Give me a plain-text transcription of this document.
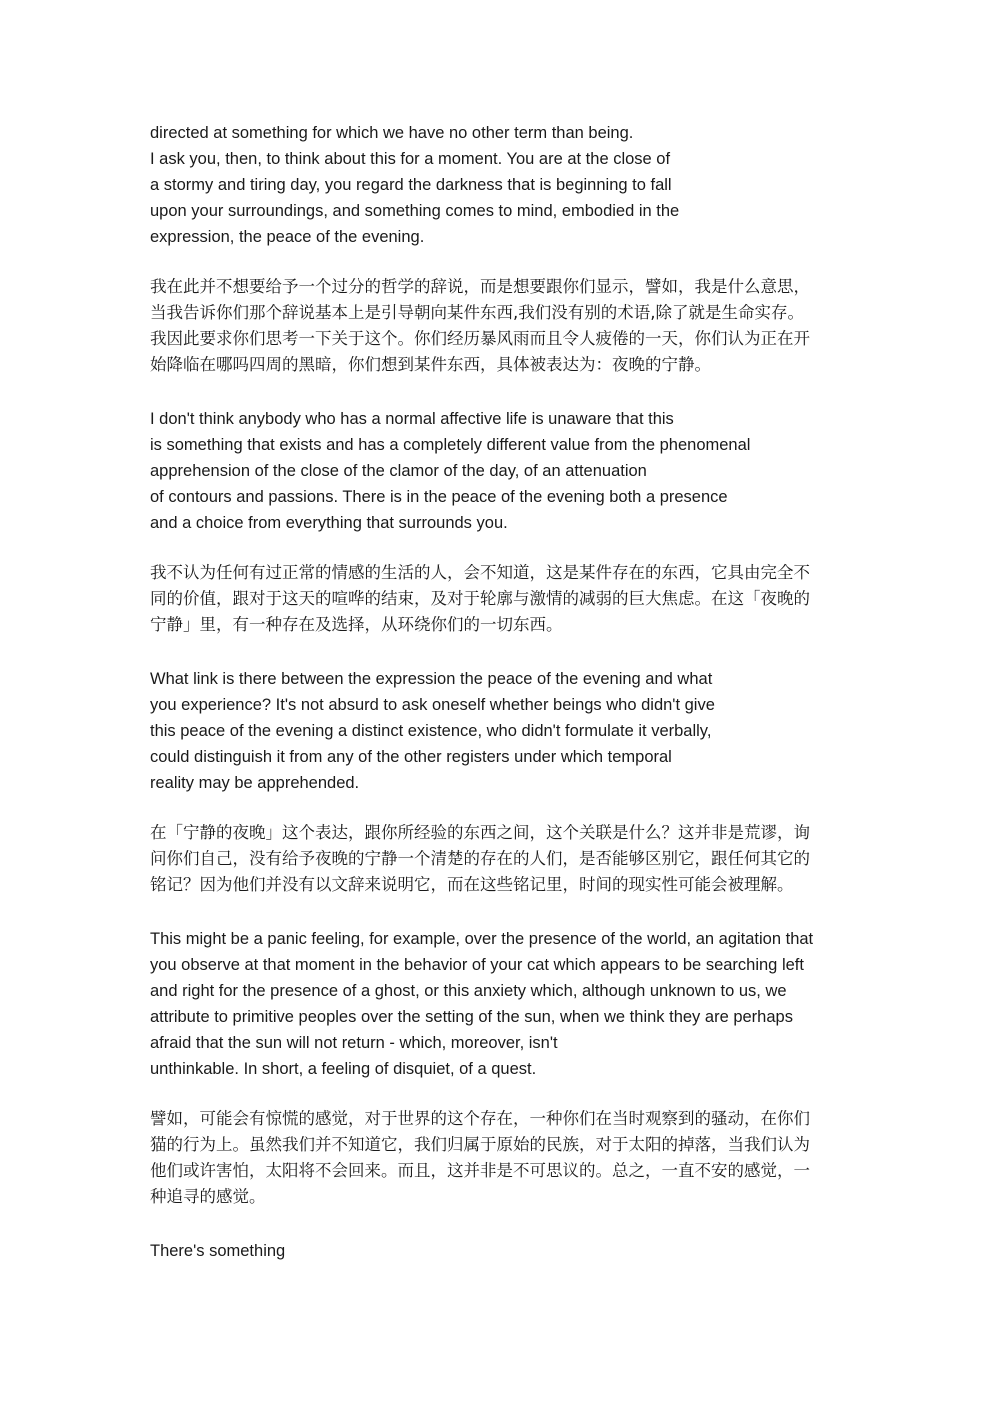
directed at something for which we have no other term than being.
I ask you, then, to think about this for a moment. You are at the close of
a stormy and tiring day, you regard the darkness that is beginning to fall
upon your surroundings, and something comes to mind, embodied in the
expression, the peace of the evening.
我在此并不想要给予一个过分的哲学的辞说，而是想要跟你们显示，譬如，我是什么意思，
当我告诉你们那个辞说基本上是引导朝向某件东西,我们没有别的术语,除了就是生命实存。
我因此要求你们思考一下关于这个。你们经历暴风雨而且令人疲倦的一天，你们认为正在开
始降临在哪吗四周的黑暗，你们想到某件东西，具体被表达为：夜晚的宁静。
I don't think anybody who has a normal affective life is unaware that this
is something that exists and has a completely different value from the phenomenal
apprehension of the close of the clamor of the day, of an attenuation
of contours and passions. There is in the peace of the evening both a presence
and a choice from everything that surrounds you.
我不认为任何有过正常的情感的生活的人，会不知道，这是某件存在的东西，它具由完全不
同的价值，跟对于这天的喧哗的结束，及对于轮廓与激情的减弱的巨大焦虑。在这「夜晚的
宁静」里，有一种存在及选择，从环绕你们的一切东西。
What link is there between the expression the peace of the evening and what
you experience? It's not absurd to ask oneself whether beings who didn't give
this peace of the evening a distinct existence, who didn't formulate it verbally,
could distinguish it from any of the other registers under which temporal
reality may be apprehended.
在「宁静的夜晚」这个表达，跟你所经验的东西之间，这个关联是什么？这并非是荒谬，询
问你们自己，没有给予夜晚的宁静一个清楚的存在的人们，是否能够区别它，跟任何其它的
铭记？因为他们并没有以文辞来说明它，而在这些铭记里，时间的现实性可能会被理解。
This might be a panic feeling, for example, over the presence of the world, an agitation that
you observe at that moment in the behavior of your cat which appears to be searching left
and right for the presence of a ghost, or this anxiety which, although unknown to us, we
attribute to primitive peoples over the setting of the sun, when we think they are perhaps
afraid that the sun will not return - which, moreover, isn't
unthinkable. In short, a feeling of disquiet, of a quest.
譬如，可能会有惊慌的感觉，对于世界的这个存在，一种你们在当时观察到的骚动，在你们
猫的行为上。虽然我们并不知道它，我们归属于原始的民族，对于太阳的掉落，当我们认为
他们或许害怕，太阳将不会回来。而且，这并非是不可思议的。总之，一直不安的感觉，一
种追寻的感觉。
There's something
